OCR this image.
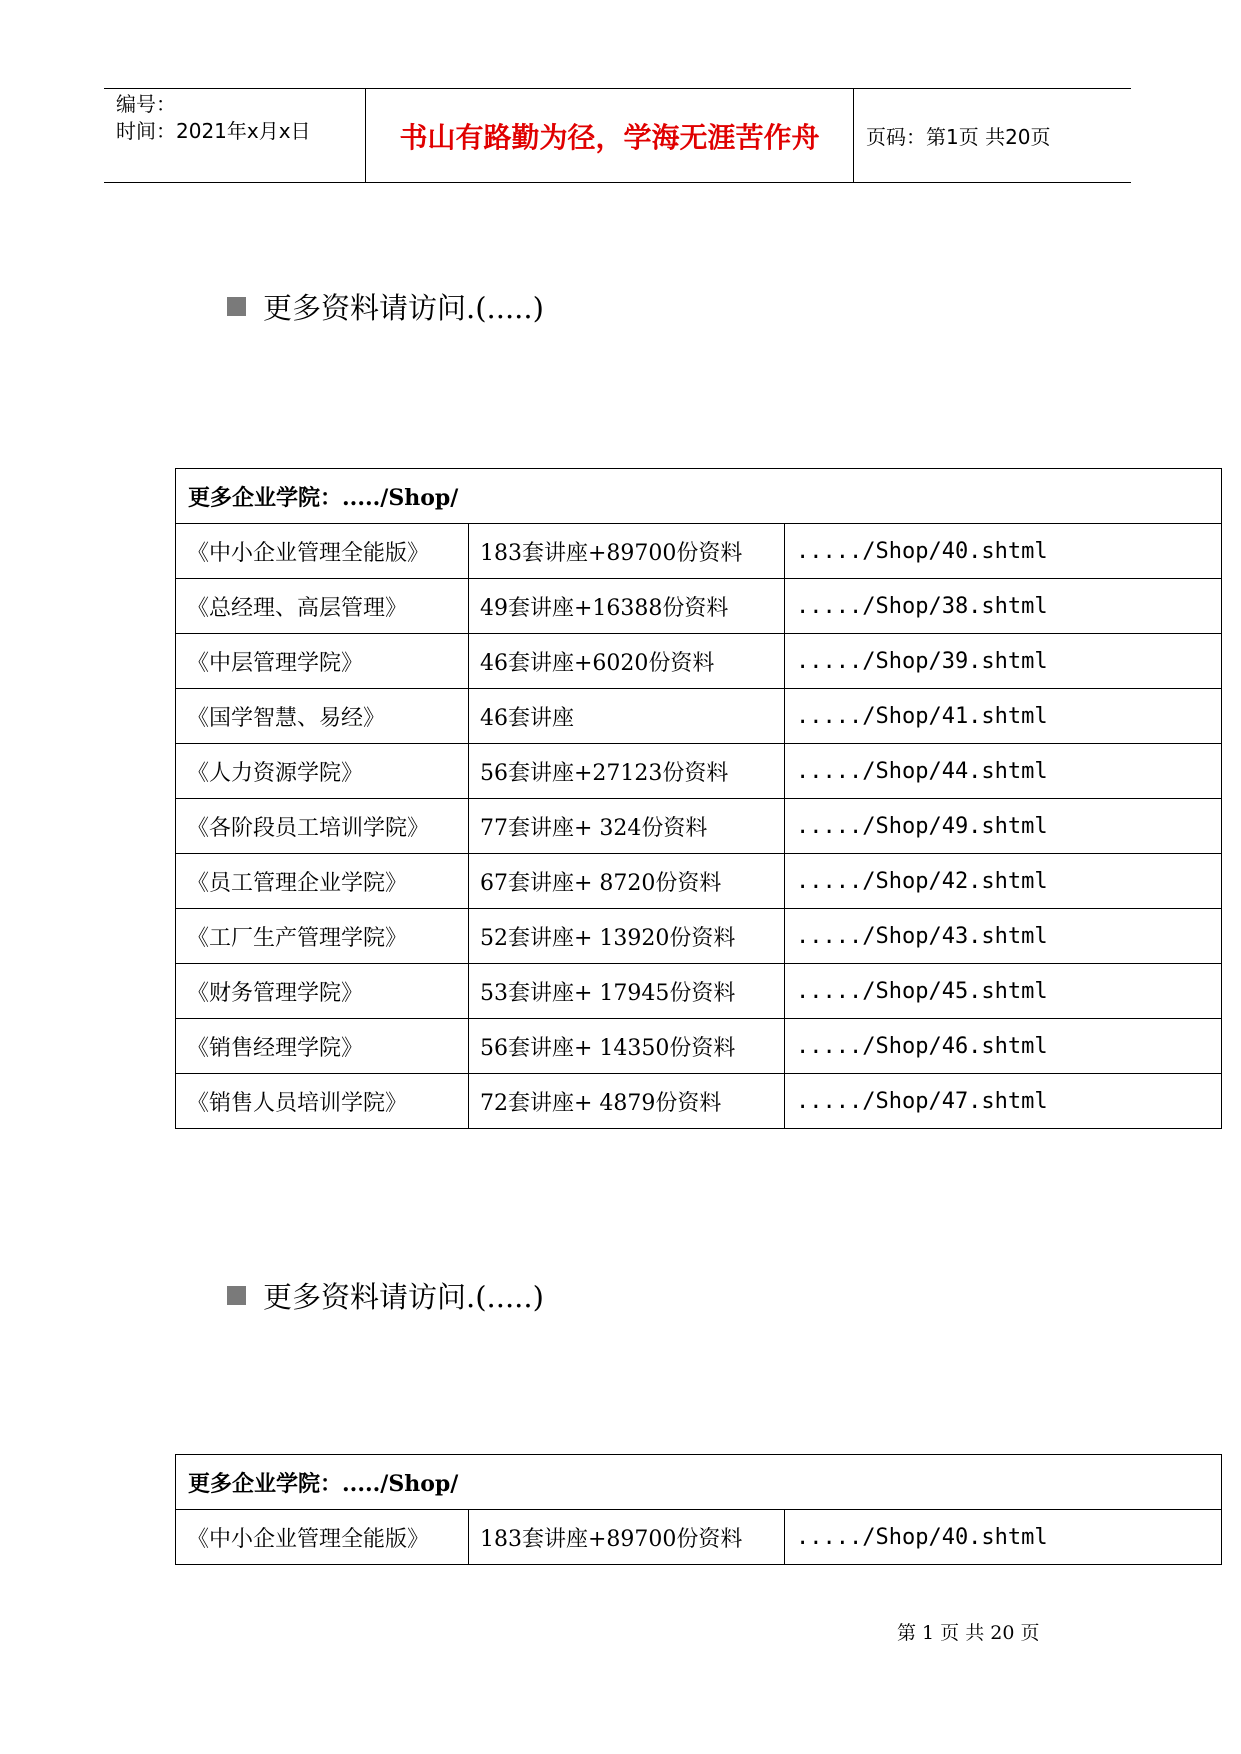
编号：
时间：2021年x月x日	书山有路勤为径，学海无涯苦作舟	页码：第1页 共20页
更多资料请访问.(.....)
更多企业学院：...../Shop/		
《中小企业管理全能版》	183套讲座+89700份资料	...../Shop/40.shtml
《总经理、高层管理》	49套讲座+16388份资料	...../Shop/38.shtml
《中层管理学院》	46套讲座+6020份资料	...../Shop/39.shtml
《国学智慧、易经》	46套讲座	...../Shop/41.shtml
《人力资源学院》	56套讲座+27123份资料	...../Shop/44.shtml
《各阶段员工培训学院》	77套讲座+ 324份资料	...../Shop/49.shtml
《员工管理企业学院》	67套讲座+ 8720份资料	...../Shop/42.shtml
《工厂生产管理学院》	52套讲座+ 13920份资料	...../Shop/43.shtml
《财务管理学院》	53套讲座+ 17945份资料	...../Shop/45.shtml
《销售经理学院》	56套讲座+ 14350份资料	...../Shop/46.shtml
《销售人员培训学院》	72套讲座+ 4879份资料	...../Shop/47.shtml
更多资料请访问.(.....)
更多企业学院：...../Shop/
《中小企业管理全能版》	183套讲座+89700份资料	...../Shop/40.shtml
第 1 页 共 20 页
